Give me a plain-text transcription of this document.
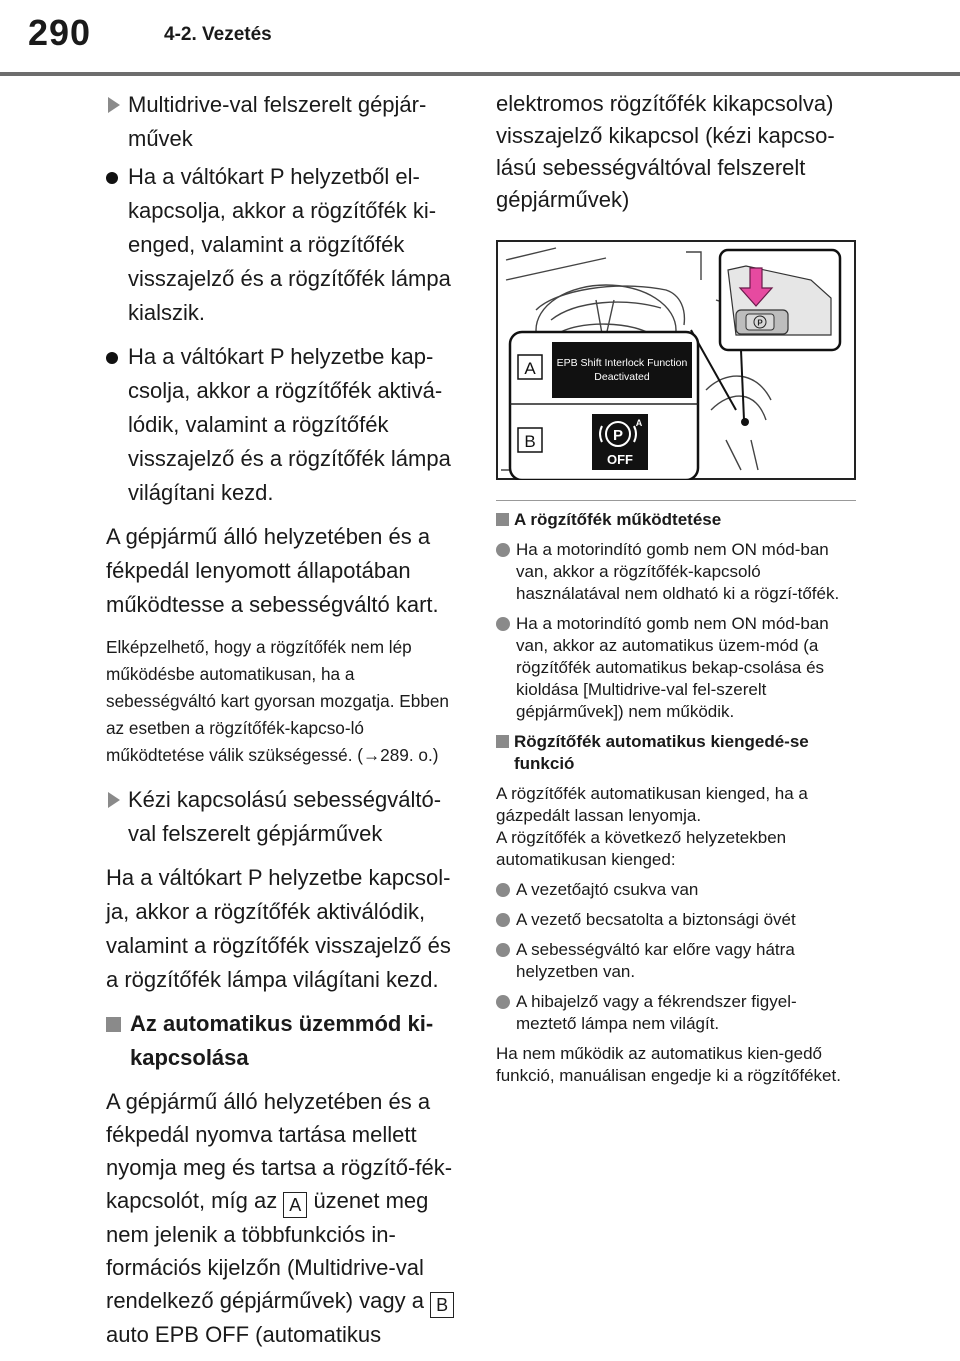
290	4-2. Vezetés

Multidrive-val felszerelt gépjár-
művek

Ha a váltókart P helyzetből el-kapcsolja, akkor a rögzítőfék ki-enged, valamint a rögzítőfék visszajelző és a rögzítőfék lámpa kialszik.

Ha a váltókart P helyzetbe kap-csolja, akkor a rögzítőfék aktivá-lódik, valamint a rögzítőfék visszajelző és a rögzítőfék lámpa világítani kezd.

A gépjármű álló helyzetében és a fékpedál lenyomott állapotában működtesse a sebességváltó kart.

Elképzelhető, hogy a rögzítőfék nem lép működésbe automatikusan, ha a sebességváltó kart gyorsan mozgatja. Ebben az esetben a rögzítőfék-kapcso-ló működtetése válik szükségessé. (→289. o.)

Kézi kapcsolású sebességváltó-val felszerelt gépjárművek

Ha a váltókart P helyzetbe kapcsol-ja, akkor a rögzítőfék aktiválódik, valamint a rögzítőfék visszajelző és a rögzítőfék lámpa világítani kezd.

Az automatikus üzemmód ki-kapcsolása

A gépjármű álló helyzetében és a fékpedál nyomva tartása mellett nyomja meg és tartsa a rögzítő-fék-kapcsolót, míg az A üzenet meg nem jelenik a többfunkciós in-formációs kijelzőn (Multidrive-val rendelkező gépjárművek) vagy a B auto EPB OFF (automatikus

elektromos rögzítőfék kikapcsolva) visszajelző kikapcsol (kézi kapcso-lású sebességváltóval felszerelt gépjárművek)

P
A
B
EPB Shift Interlock Function
Deactivated
P
A
OFF

A rögzítőfék működtetése

Ha a motorindító gomb nem ON mód-ban van, akkor a rögzítőfék-kapcsoló használatával nem oldható ki a rögzí-tőfék.

Ha a motorindító gomb nem ON mód-ban van, akkor az automatikus üzem-mód (a rögzítőfék automatikus bekap-csolása és kioldása [Multidrive-val fel-szerelt gépjárművek]) nem működik.

Rögzítőfék automatikus kiengedé-se funkció

A rögzítőfék automatikusan kienged, ha a gázpedált lassan lenyomja.

A rögzítőfék a következő helyzetekben automatikusan kienged:

A vezetőajtó csukva van

A vezető becsatolta a biztonsági övét

A sebességváltó kar előre vagy hátra helyzetben van.

A hibajelző vagy a fékrendszer figyel-meztető lámpa nem világít.

Ha nem működik az automatikus kien-gedő funkció, manuálisan engedje ki a rögzítőféket.
